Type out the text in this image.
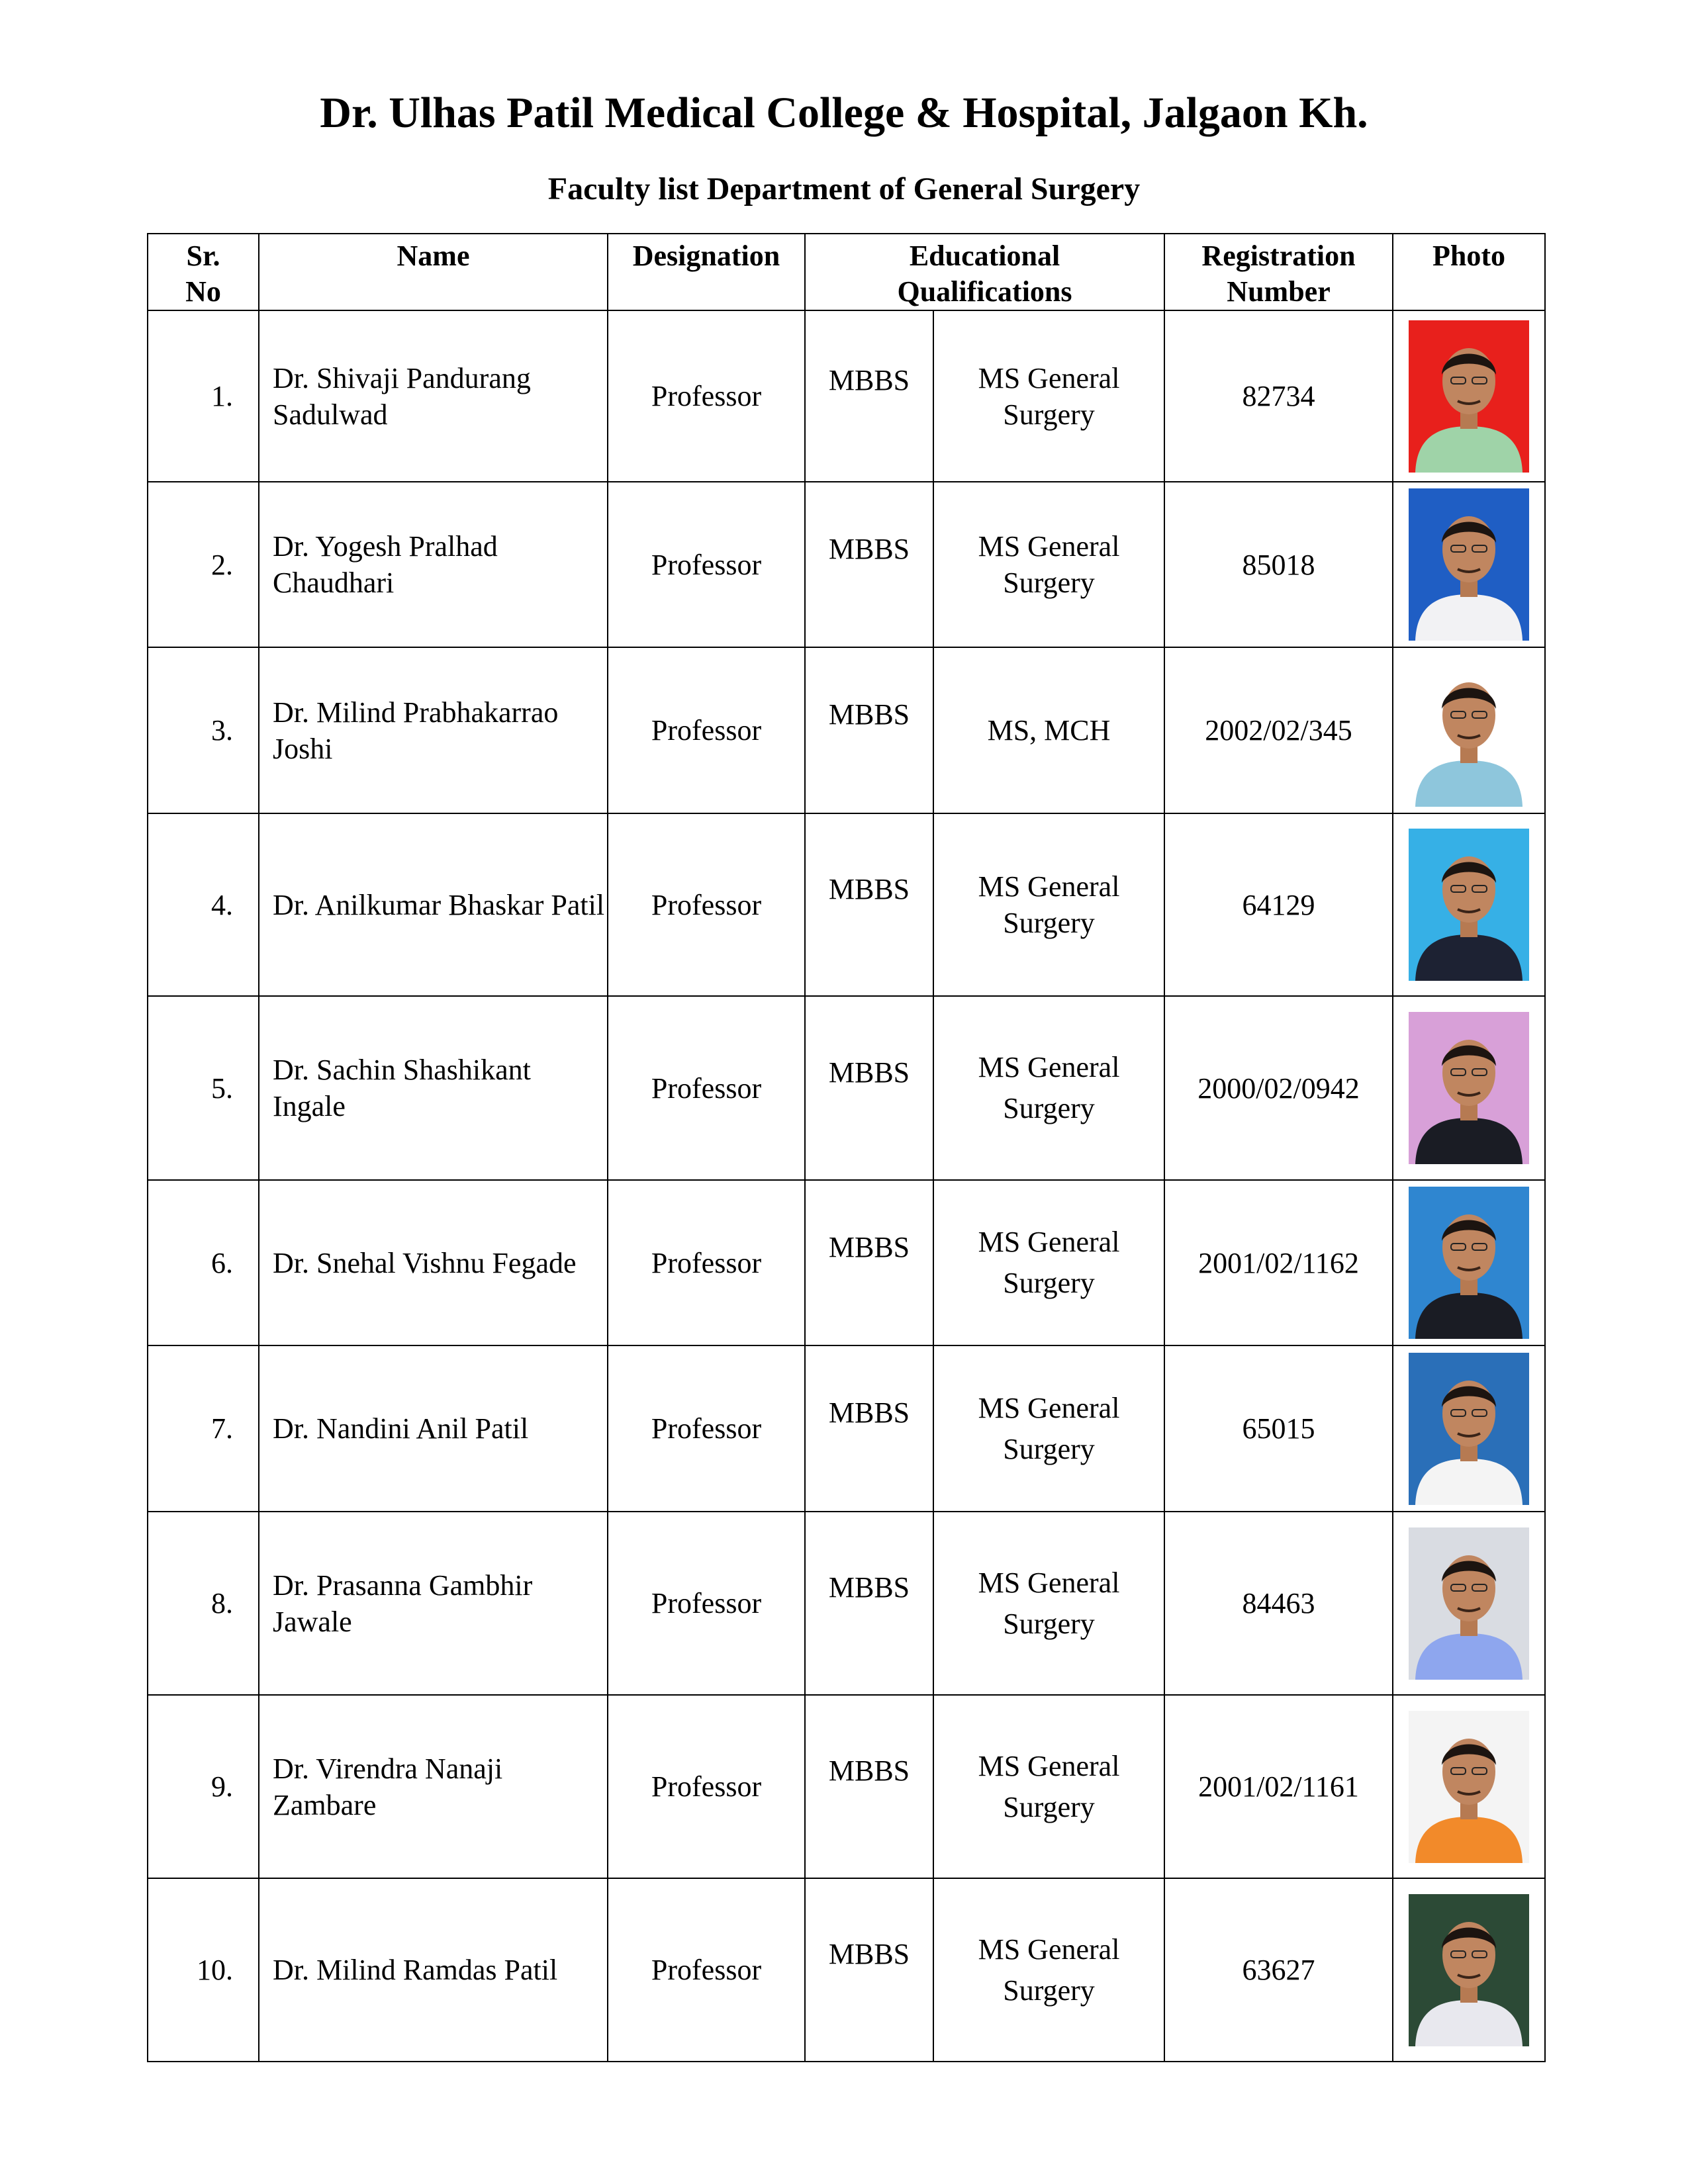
Dr. Ulhas Patil Medical College & Hospital, Jalgaon Kh.
Faculty list Department of General Surgery
Sr. No	Name	Designation	Educational Qualifications		Registration Number	Photo
1.	Dr. Shivaji Pandurang Sadulwad	Professor	MBBS	MS General Surgery	82734	

2.	Dr. Yogesh Pralhad Chaudhari	Professor	MBBS	MS General Surgery	85018	

3.	Dr. Milind Prabhakarrao Joshi	Professor	MBBS	MS, MCH	2002/02/345	

4.	Dr. Anilkumar Bhaskar Patil	Professor	MBBS	MS General Surgery	64129	

5.	Dr. Sachin Shashikant Ingale	Professor	MBBS	MS General Surgery	2000/02/0942	

6.	Dr. Snehal Vishnu Fegade	Professor	MBBS	MS General Surgery	2001/02/1162	

7.	Dr. Nandini Anil Patil	Professor	MBBS	MS General Surgery	65015	

8.	Dr. Prasanna Gambhir Jawale	Professor	MBBS	MS General Surgery	84463	

9.	Dr. Virendra Nanaji Zambare	Professor	MBBS	MS General Surgery	2001/02/1161	

10.	Dr. Milind Ramdas Patil	Professor	MBBS	MS General Surgery	63627	
